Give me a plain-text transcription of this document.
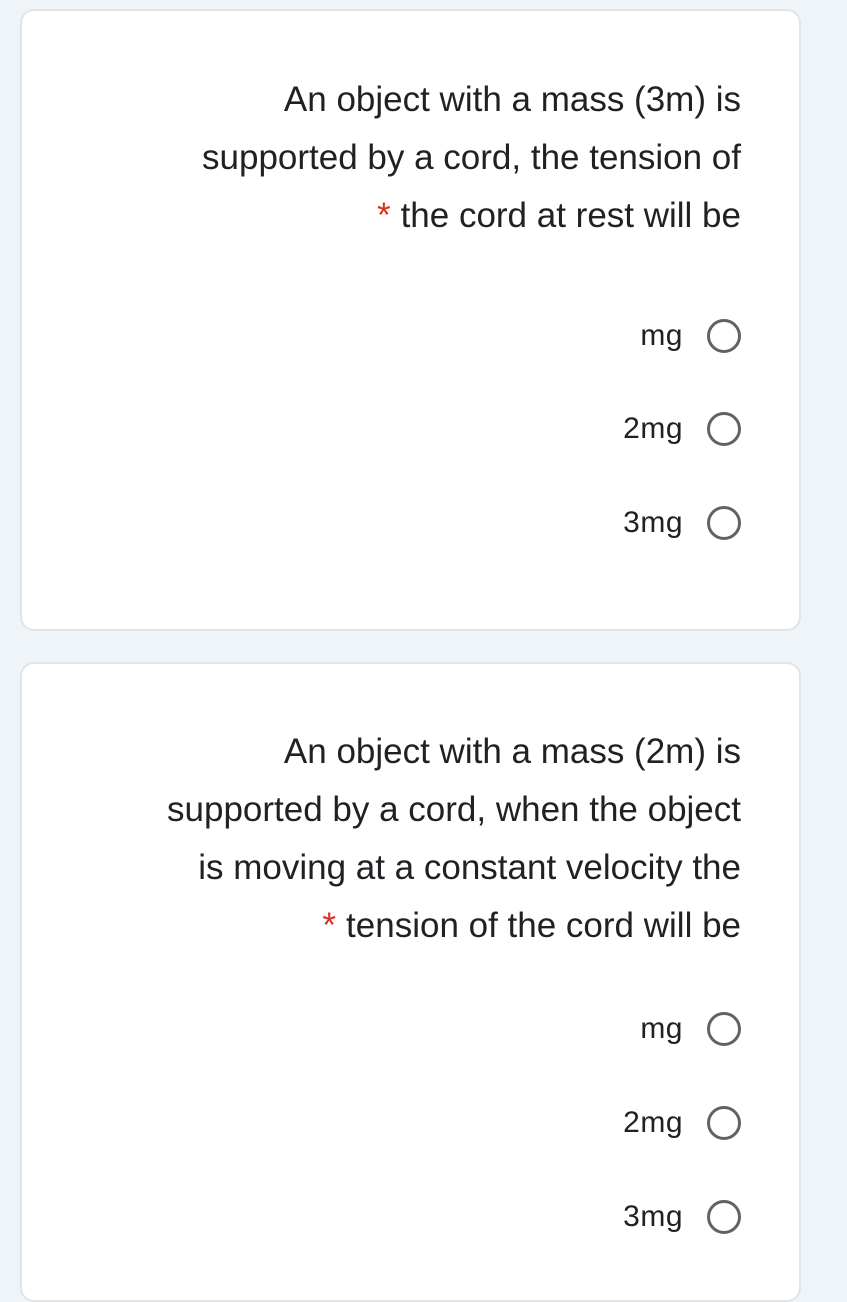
An object with a mass (3m) is
supported by a cord, the tension of
* the cord at rest will be

mg
2mg
3mg

An object with a mass (2m) is
supported by a cord, when the object
is moving at a constant velocity the
* tension of the cord will be

mg
2mg
3mg
